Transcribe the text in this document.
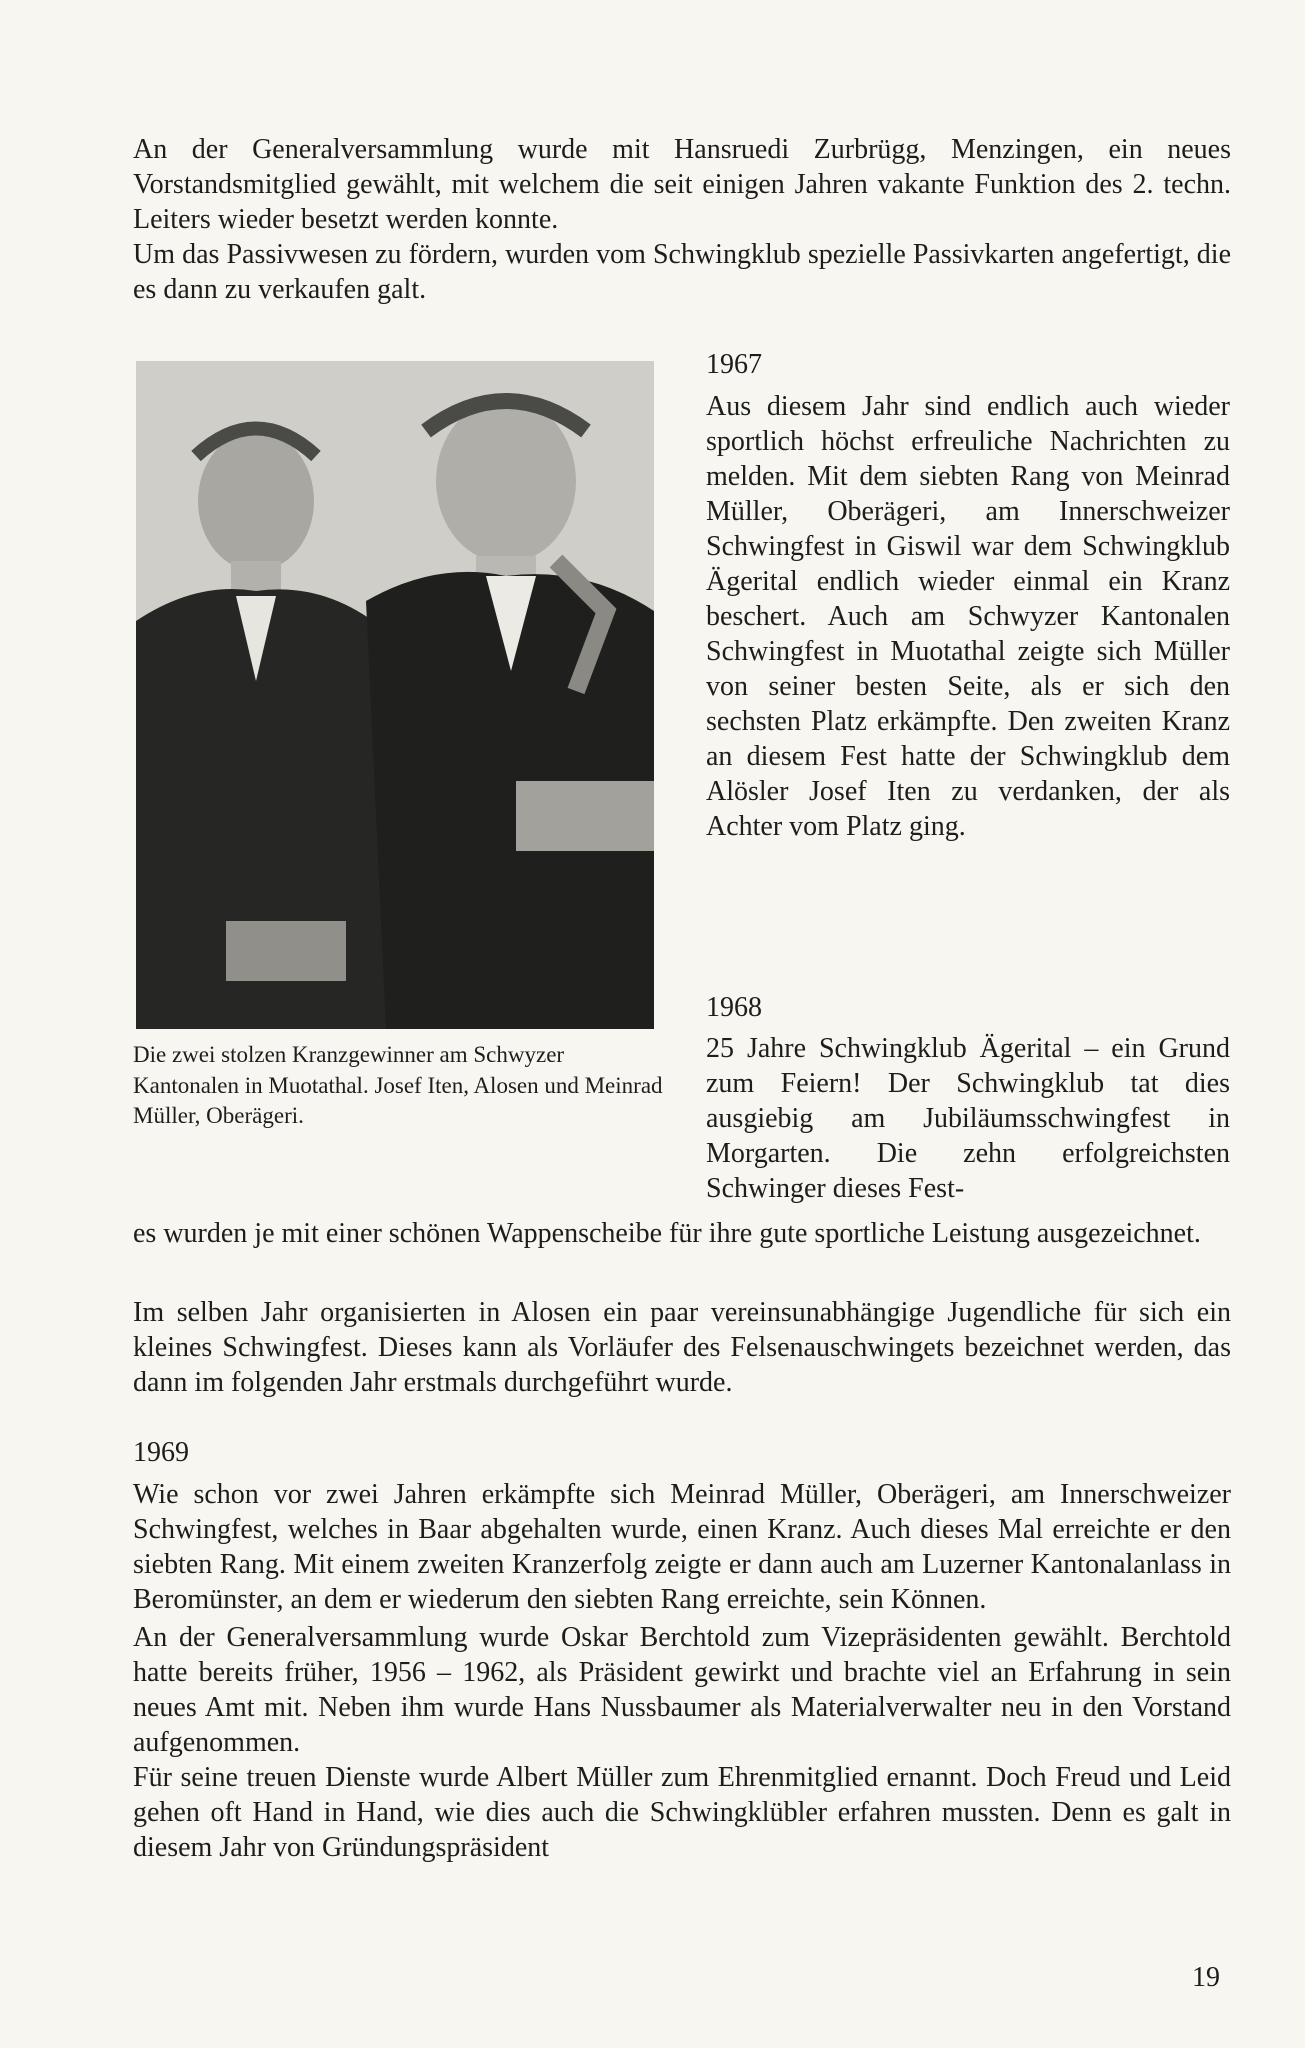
An der Generalversammlung wurde mit Hansruedi Zurbrügg, Menzingen, ein neues Vorstandsmitglied gewählt, mit welchem die seit einigen Jahren vakante Funktion des 2. techn. Leiters wieder besetzt werden konnte.

Um das Passivwesen zu fördern, wurden vom Schwingklub spezielle Passivkarten angefertigt, die es dann zu verkaufen galt.

Die zwei stolzen Kranzgewinner am Schwyzer Kantonalen in Muotathal. Josef Iten, Alosen und Meinrad Müller, Oberägeri.

1967

Aus diesem Jahr sind endlich auch wieder sportlich höchst erfreuliche Nachrichten zu melden. Mit dem siebten Rang von Meinrad Müller, Oberägeri, am Innerschweizer Schwingfest in Giswil war dem Schwingklub Ägerital endlich wieder einmal ein Kranz beschert. Auch am Schwyzer Kantonalen Schwingfest in Muotathal zeigte sich Müller von seiner besten Seite, als er sich den sechsten Platz erkämpfte. Den zweiten Kranz an diesem Fest hatte der Schwingklub dem Alösler Josef Iten zu verdanken, der als Achter vom Platz ging.

1968

25 Jahre Schwingklub Ägerital – ein Grund zum Feiern! Der Schwingklub tat dies ausgiebig am Jubiläumsschwingfest in Morgarten. Die zehn erfolgreichsten Schwinger dieses Fest-

es wurden je mit einer schönen Wappenscheibe für ihre gute sportliche Leistung ausgezeichnet.

Im selben Jahr organisierten in Alosen ein paar vereinsunabhängige Jugendliche für sich ein kleines Schwingfest. Dieses kann als Vorläufer des Felsenauschwingets bezeichnet werden, das dann im folgenden Jahr erstmals durchgeführt wurde.

1969

Wie schon vor zwei Jahren erkämpfte sich Meinrad Müller, Oberägeri, am Innerschweizer Schwingfest, welches in Baar abgehalten wurde, einen Kranz. Auch dieses Mal erreichte er den siebten Rang. Mit einem zweiten Kranzerfolg zeigte er dann auch am Luzerner Kantonalanlass in Beromünster, an dem er wiederum den siebten Rang erreichte, sein Können.

An der Generalversammlung wurde Oskar Berchtold zum Vizepräsidenten gewählt. Berchtold hatte bereits früher, 1956 – 1962, als Präsident gewirkt und brachte viel an Erfahrung in sein neues Amt mit. Neben ihm wurde Hans Nussbaumer als Materialverwalter neu in den Vorstand aufgenommen.

Für seine treuen Dienste wurde Albert Müller zum Ehrenmitglied ernannt. Doch Freud und Leid gehen oft Hand in Hand, wie dies auch die Schwingklübler erfahren mussten. Denn es galt in diesem Jahr von Gründungspräsident

19
